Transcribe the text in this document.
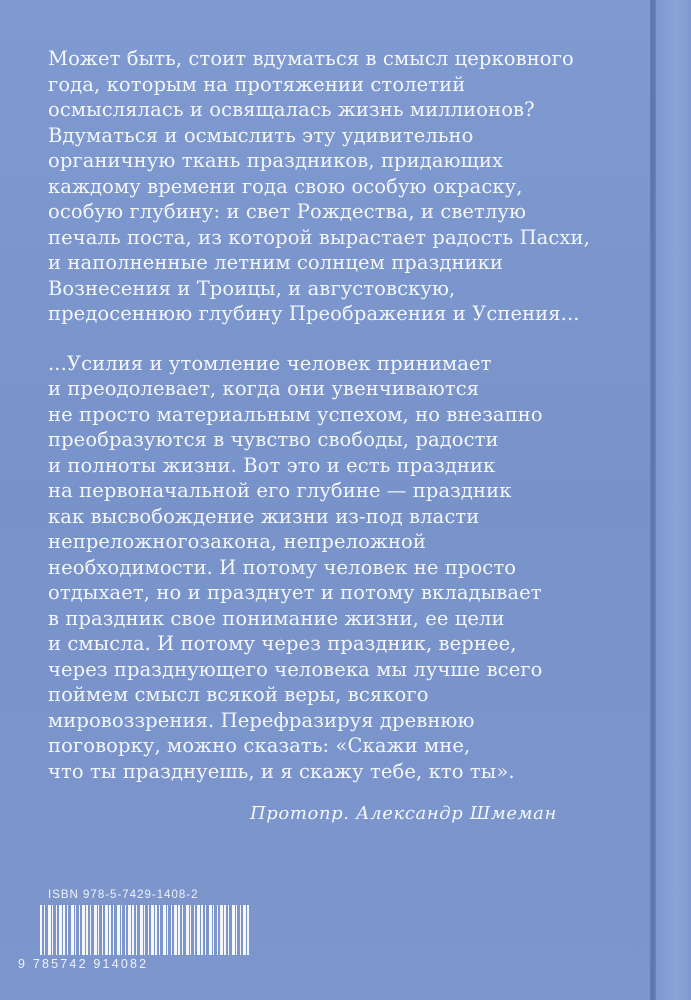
Может быть, стоит вдуматься в смысл церковного
года, которым на протяжении столетий
осмыслялась и освящалась жизнь миллионов?
Вдуматься и осмыслить эту удивительно
органичную ткань праздников, придающих
каждому времени года свою особую окраску,
особую глубину: и свет Рождества, и светлую
печаль поста, из которой вырастает радость Пасхи,
и наполненные летним солнцем праздники
Вознесения и Троицы, и августовскую,
предосеннюю глубину Преображения и Успения...

...Усилия и утомление человек принимает
и преодолевает, когда они увенчиваются
не просто материальным успехом, но внезапно
преобразуются в чувство свободы, радости
и полноты жизни. Вот это и есть праздник
на первоначальной его глубине — праздник
как высвобождение жизни из-под власти
непреложногозакона, непреложной
необходимости. И потому человек не просто
отдыхает, но и празднует и потому вкладывает
в праздник свое понимание жизни, ее цели
и смысла. И потому через праздник, вернее,
через празднующего человека мы лучше всего
поймем смысл всякой веры, всякого
мировоззрения. Перефразируя древнюю
поговорку, можно сказать: «Скажи мне,
что ты празднуешь, и я скажу тебе, кто ты».

Протопр. Александр Шмеман
ISBN 978-5-7429-1408-2
9 785742 914082
